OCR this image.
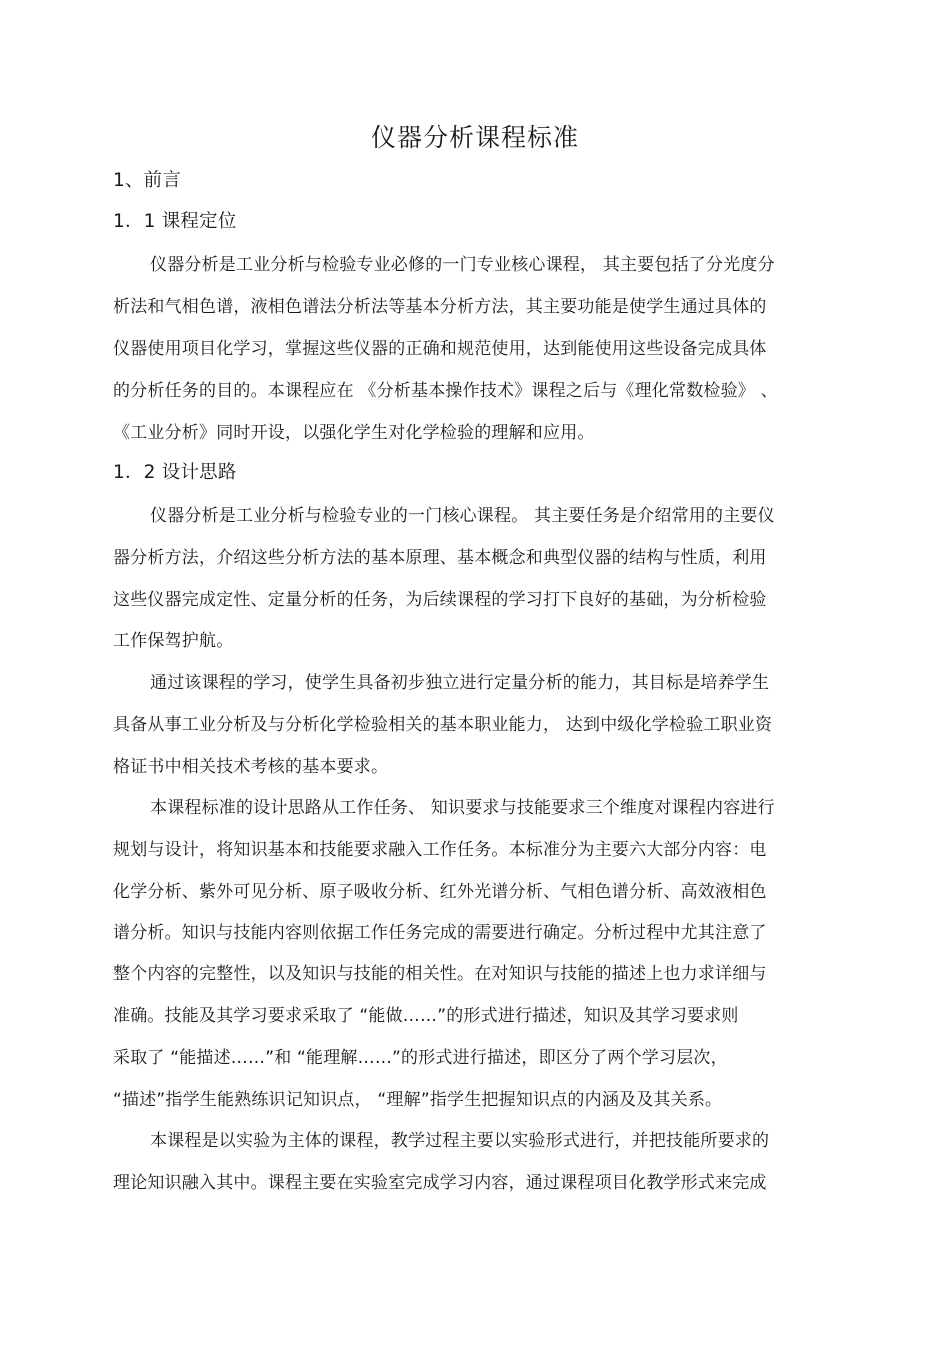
仪器分析课程标准
1、前言
1．1 课程定位
仪器分析是工业分析与检验专业必修的一门专业核心课程， 其主要包括了分光度分
析法和气相色谱，液相色谱法分析法等基本分析方法，其主要功能是使学生通过具体的
仪器使用项目化学习，掌握这些仪器的正确和规范使用，达到能使用这些设备完成具体
的分析任务的目的。本课程应在 《分析基本操作技术》课程之后与《理化常数检验》 、
《工业分析》同时开设，以强化学生对化学检验的理解和应用。
1．2 设计思路
仪器分析是工业分析与检验专业的一门核心课程。 其主要任务是介绍常用的主要仪
器分析方法，介绍这些分析方法的基本原理、基本概念和典型仪器的结构与性质，利用
这些仪器完成定性、定量分析的任务，为后续课程的学习打下良好的基础，为分析检验
工作保驾护航。
通过该课程的学习，使学生具备初步独立进行定量分析的能力，其目标是培养学生
具备从事工业分析及与分析化学检验相关的基本职业能力， 达到中级化学检验工职业资
格证书中相关技术考核的基本要求。
本课程标准的设计思路从工作任务、 知识要求与技能要求三个维度对课程内容进行
规划与设计，将知识基本和技能要求融入工作任务。本标准分为主要六大部分内容：电
化学分析、紫外可见分析、原子吸收分析、红外光谱分析、气相色谱分析、高效液相色
谱分析。知识与技能内容则依据工作任务完成的需要进行确定。分析过程中尤其注意了
整个内容的完整性，以及知识与技能的相关性。在对知识与技能的描述上也力求详细与
准确。技能及其学习要求采取了 “能做……”的形式进行描述，知识及其学习要求则
采取了 “能描述……”和 “能理解……”的形式进行描述，即区分了两个学习层次，
“描述”指学生能熟练识记知识点， “理解”指学生把握知识点的内涵及及其关系。
本课程是以实验为主体的课程，教学过程主要以实验形式进行，并把技能所要求的
理论知识融入其中。课程主要在实验室完成学习内容，通过课程项目化教学形式来完成
